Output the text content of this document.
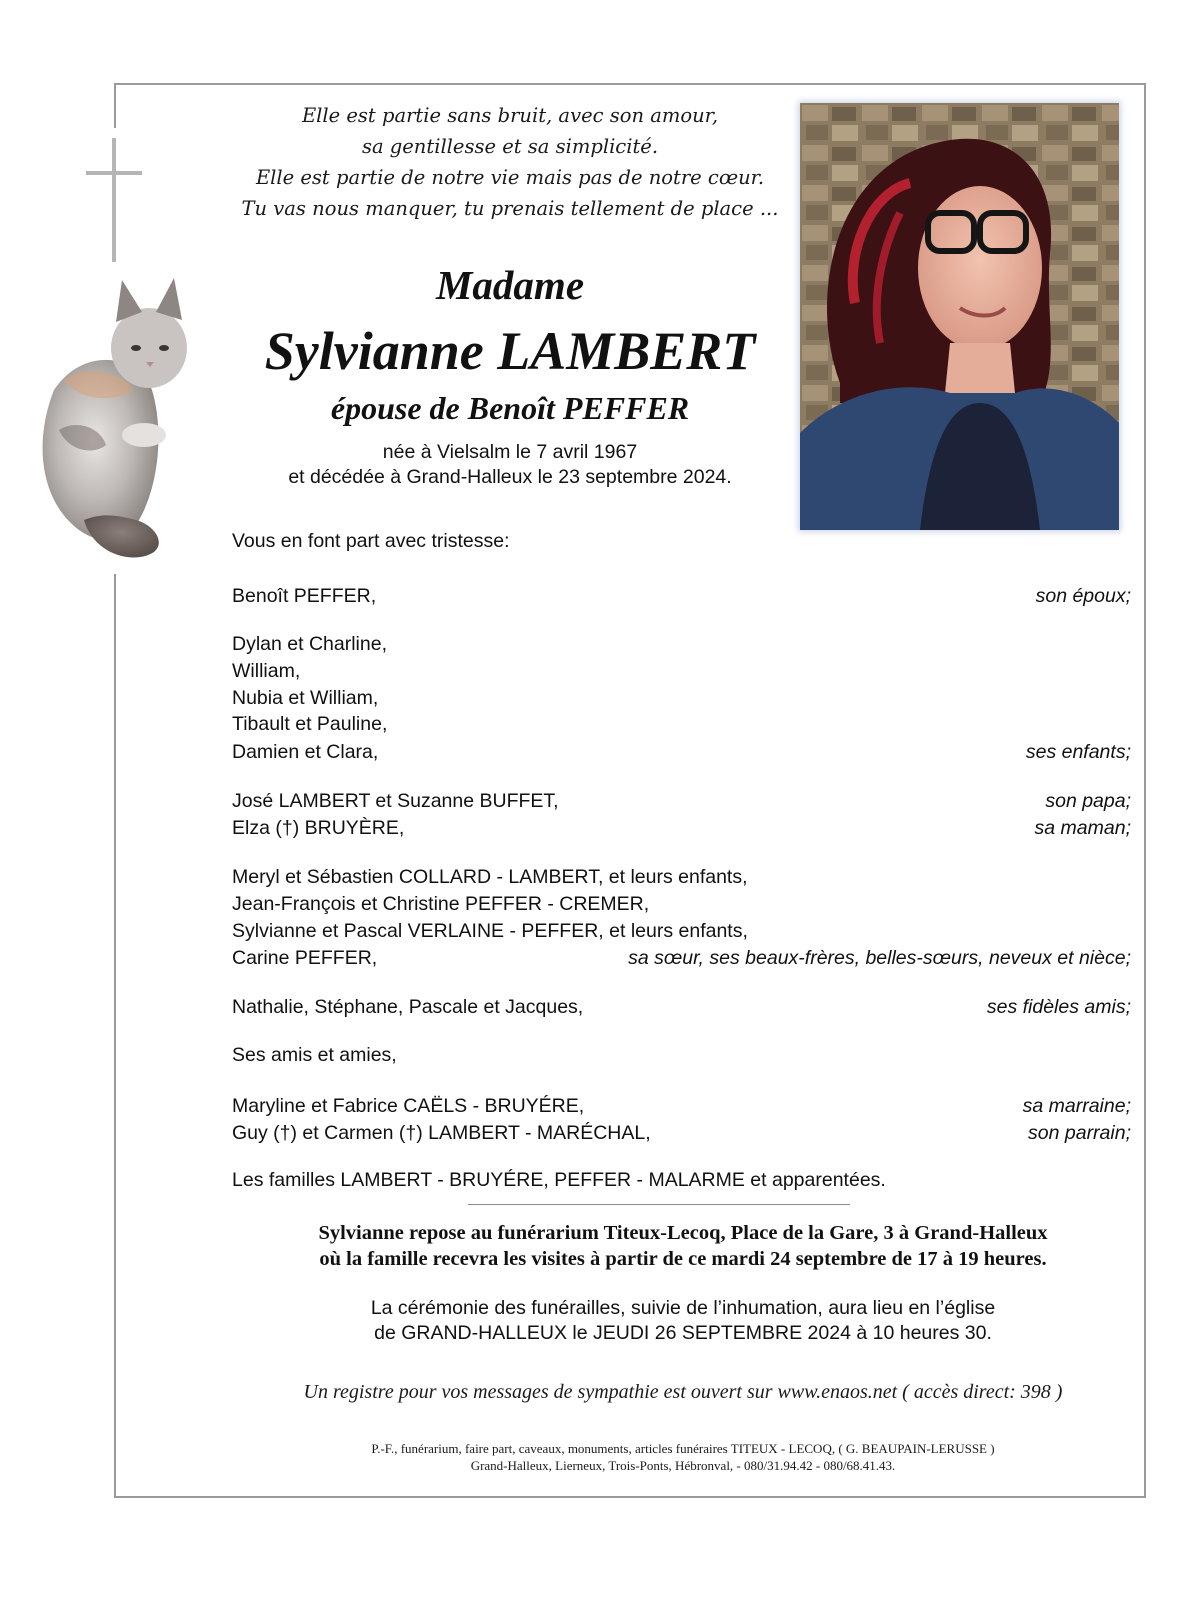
Elle est partie sans bruit, avec son amour,
sa gentillesse et sa simplicité.
Elle est partie de notre vie mais pas de notre cœur.
Tu vas nous manquer, tu prenais tellement de place ...
Madame
Sylvianne LAMBERT
épouse de Benoît PEFFER
née à Vielsalm le 7 avril 1967
et décédée à Grand-Halleux le 23 septembre 2024.
Vous en font part avec tristesse:
Benoît PEFFER,	son époux;
Dylan et Charline,
William,
Nubia et William,
Tibault et Pauline,
Damien et Clara,	ses enfants;
José LAMBERT et Suzanne BUFFET,	son papa;
Elza (†) BRUYÈRE,	sa maman;
Meryl et Sébastien COLLARD - LAMBERT, et leurs enfants,
Jean-François et Christine PEFFER - CREMER,
Sylvianne et Pascal VERLAINE - PEFFER, et leurs enfants,
Carine PEFFER,	sa sœur, ses beaux-frères, belles-sœurs, neveux et nièce;
Nathalie, Stéphane, Pascale et Jacques,	ses fidèles amis;
Ses amis et amies,
Maryline et Fabrice CAËLS - BRUYÉRE,	sa marraine;
Guy (†) et Carmen (†) LAMBERT - MARÉCHAL,	son parrain;
Les familles LAMBERT - BRUYÉRE, PEFFER - MALARME et apparentées.
Sylvianne repose au funérarium Titeux-Lecoq, Place de la Gare, 3 à Grand-Halleux
où la famille recevra les visites à partir de ce mardi 24 septembre de 17 à 19 heures.
La cérémonie des funérailles, suivie de l’inhumation, aura lieu en l’église
de GRAND-HALLEUX le JEUDI 26 SEPTEMBRE 2024 à 10 heures 30.
Un registre pour vos messages de sympathie est ouvert sur www.enaos.net ( accès direct: 398 )
P.-F., funérarium, faire part, caveaux, monuments, articles funéraires TITEUX - LECOQ, ( G. BEAUPAIN-LERUSSE )
Grand-Halleux, Lierneux, Trois-Ponts, Hébronval, - 080/31.94.42 - 080/68.41.43.
